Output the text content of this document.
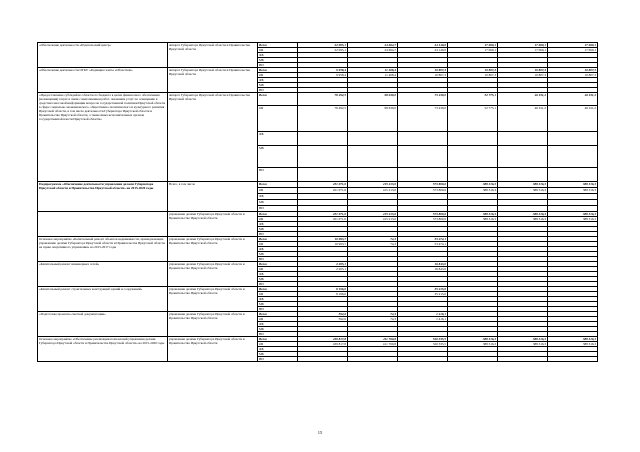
«Обеспечение деятельности «Издательский центр»	аппарат Губернатора Иркутской области и Правительства Иркутской области	Всего	22 095,1	24 664,7	24 140,0	17 069,1	17 069,1	17 069,1
		ОБ	22 095,1	24 664,7	24 140,0	17 069,1	17 069,1	17 069,1
		ФБ						
		МБ						
		ВИ						
«Обеспечение деятельности ОГКУ «Редакция газеты «Областная»	аппарат Губернатора Иркутской области и Правительства Иркутской области	Всего	9 958,4	11 408,4	10 807,3	10 807,3	10 807,3	10 807,3
		ОБ	9 958,4	11 408,4	10 807,3	10 807,3	10 807,3	10 807,3
		ФБ						
		МБ						
		ВИ						
«Предоставление субсидий из областного бюджета в целях финансового обеспечения (возмещения) затрат в связи с выполнением работ, оказанием услуг по освещению в средствах массовой информации вопросов государственной политики Иркутской области в сфере социально-экономического, общественно-политического и культурного развития Иркутской области, в том числе деятельности Губернатора Иркутской области и Правительства Иркутской области, а также иных исполнительных органов государственной власти Иркутской области»	аппарат Губернатора Иркутской области и Правительства Иркутской области	Всего	78 492,5	98 639,0	73 439,0	52 775,1	46 911,2	46 911,2
		ОБ	78 492,5	98 639,0	73 439,0	52 775,1	46 911,2	46 911,2
		ФБ						
		МБ						
		ВИ						
Подпрограмма «Обеспечение деятельности управления делами Губернатора Иркутской области и Правительства Иркутской области» на 2015-2020 годы	Всего, в том числе	Всего	451 071,0	415 213,0	573 809,6	388 316,3	388 316,3	388 316,3
		ОБ	451 071,0	415 213,0	573 809,6	388 316,3	388 316,3	388 316,3
		ФБ						
		МБ						
		ВИ						
	управление делами Губернатора Иркутской области и Правительства Иркутской области	Всего	451 071,0	415 213,0	573 809,6	388 316,3	388 316,3	388 316,3
		ОБ	451 071,0	415 213,0	573 809,6	388 316,3	388 316,3	388 316,3
		ФБ						
		МБ						
		ВИ						
Основное мероприятие «Капитальный ремонт объектов недвижимости, принадлежащих управлению делами Губернатора Иркутской области и Правительства Иркутской области на праве оперативного управления» на 2015-2017 годы	управление делами Губернатора Иркутской области и Правительства Иркутской области	Всего	10 993,7	74,3	53 474,1			
		ОБ	10 993,7	74,3	53 474,1			
		ФБ						
		МБ						
		ВИ						
«Капитальный ремонт инженерных сетей»	управление делами Губернатора Иркутской области и Правительства Иркутской области	Всего	2 205,1		16 843,0			
		ОБ	2 205,1		16 843,0			
		ФБ						
		МБ						
		ВИ						
«Капитальный ремонт строительных конструкций зданий и сооружений»	управление делами Губернатора Иркутской области и Правительства Иркутской области	Всего	8 196,0		35 215,0			
		ОБ	8 196,0		35 215,0			
		ФБ						
		МБ						
		ВИ						
«Подготовка проектно-сметной документации»	управление делами Губернатора Иркутской области и Правительства Иркутской области	Всего	592,6	74,3	1 416,1			
		ОБ	592,6	74,3	1 416,1			
		ФБ						
		МБ						
		ВИ						
Основное мероприятие «Обеспечение реализации полномочий управления делами Губернатора Иркутской области и Правительства Иркутской области» на 2015-2020 годы	управление делами Губернатора Иркутской области и Правительства Иркутской области	Всего	439 817,8	411 760,8	520 335,5	388 316,3	388 316,3	388 316,3
		ОБ	439 817,8	411 760,8	520 335,5	388 316,3	388 316,3	388 316,3
		ФБ						
		МБ						
		ВИ						
15
